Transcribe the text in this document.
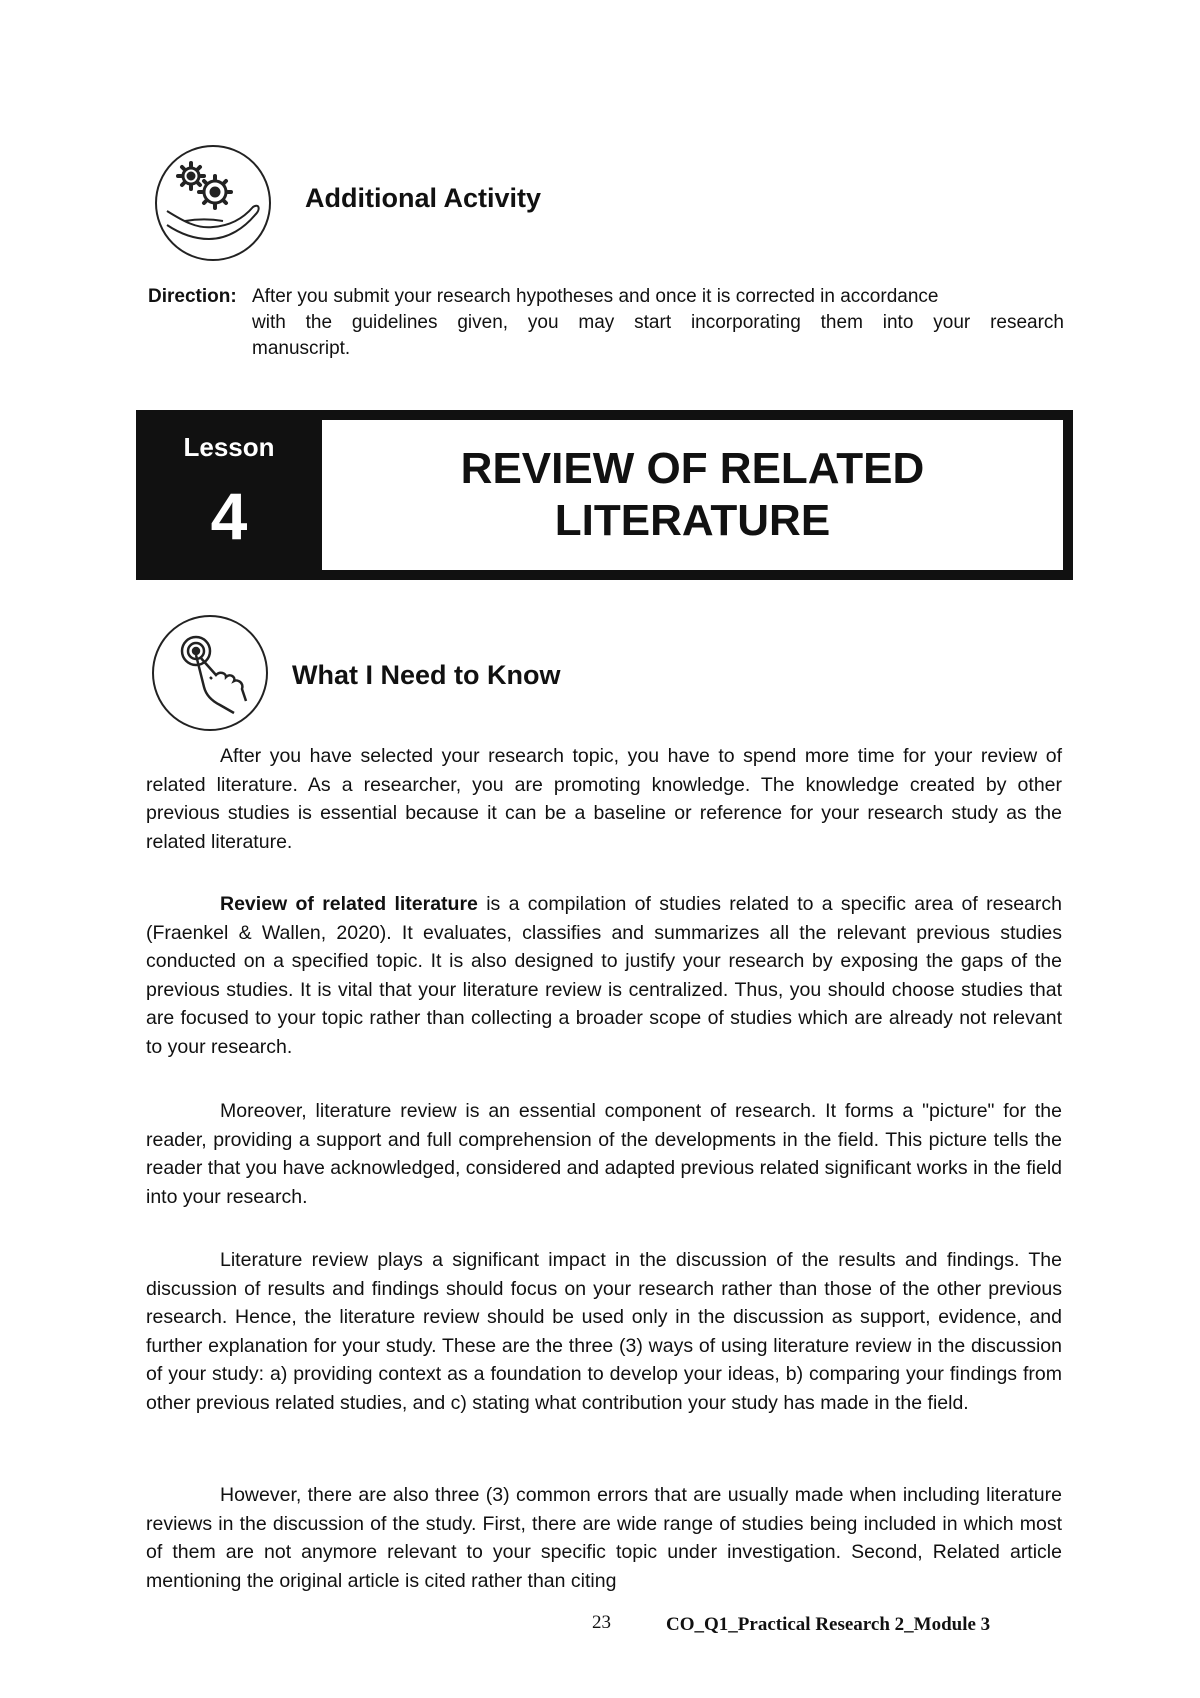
Additional Activity
Direction: After you submit your research hypotheses and once it is corrected in accordance
with the guidelines given, you may start incorporating them into your research
manuscript.
Lesson
4
REVIEW OF RELATED
LITERATURE
What I Need to Know
After you have selected your research topic, you have to spend more time for your review of related literature. As a researcher, you are promoting knowledge. The knowledge created by other previous studies is essential because it can be a baseline or reference for your research study as the related literature.
Review of related literature is a compilation of studies related to a specific area of research (Fraenkel & Wallen, 2020). It evaluates, classifies and summarizes all the relevant previous studies conducted on a specified topic. It is also designed to justify your research by exposing the gaps of the previous studies. It is vital that your literature review is centralized. Thus, you should choose studies that are focused to your topic rather than collecting a broader scope of studies which are already not relevant to your research.
Moreover, literature review is an essential component of research. It forms a "picture" for the reader, providing a support and full comprehension of the developments in the field. This picture tells the reader that you have acknowledged, considered and adapted previous related significant works in the field into your research.
Literature review plays a significant impact in the discussion of the results and findings. The discussion of results and findings should focus on your research rather than those of the other previous research. Hence, the literature review should be used only in the discussion as support, evidence, and further explanation for your study. These are the three (3) ways of using literature review in the discussion of your study: a) providing context as a foundation to develop your ideas, b) comparing your findings from other previous related studies, and c) stating what contribution your study has made in the field.
However, there are also three (3) common errors that are usually made when including literature reviews in the discussion of the study. First, there are wide range of studies being included in which most of them are not anymore relevant to your specific topic under investigation. Second, Related article mentioning the original article is cited rather than citing
23	CO_Q1_Practical Research 2_Module 3
